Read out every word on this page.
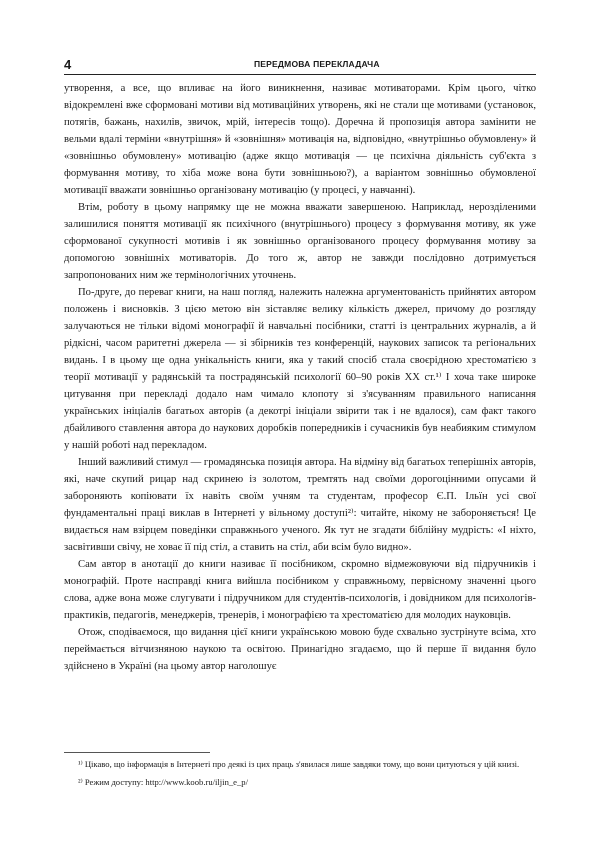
4	ПЕРЕДМОВА ПЕРЕКЛАДАЧА

утворення, а все, що впливає на його виникнення, називає мотиваторами. Крім цього, чітко відокремлені вже сформовані мотиви від мотиваційних утворень, які не стали ще мотивами (установок, потягів, бажань, нахилів, звичок, мрій, інтересів тощо). Доречна й пропозиція автора замінити не вельми вдалі терміни «внутрішня» й «зовнішня» мотивація на, відповідно, «внутрішньо обумовлену» й «зовнішньо обумовлену» мотивацію (адже якщо мотивація — це психічна діяльність суб'єкта з формування мотиву, то хіба може вона бути зовнішньою?), а варіантом зовнішньо обумовленої мотивації вважати зовнішньо організовану мотивацію (у процесі, у навчанні).

Втім, роботу в цьому напрямку ще не можна вважати завершеною. Наприклад, нерозділеними залишилися поняття мотивації як психічного (внутрішнього) процесу з формування мотиву, як уже сформованої сукупності мотивів і як зовнішньо організованого процесу формування мотиву за допомогою зовнішніх мотиваторів. До того ж, автор не завжди послідовно дотримується запропонованих ним же термінологічних уточнень.

По-друге, до переваг книги, на наш погляд, належить належна аргументованість прийнятих автором положень і висновків. З цією метою він зіставляє велику кількість джерел, причому до розгляду залучаються не тільки відомі монографії й навчальні посібники, статті із центральних журналів, а й рідкісні, часом раритетні джерела — зі збірників тез конференцій, наукових записок та регіональних видань. І в цьому ще одна унікальність книги, яка у такий спосіб стала своєрідною хрестоматією з теорії мотивації у радянській та пострадянській психології 60–90 років XX ст.¹⁾ І хоча таке широке цитування при перекладі додало нам чимало клопоту зі з'ясуванням правильного написання українських ініціалів багатьох авторів (а декотрі ініціали звірити так і не вдалося), сам факт такого дбайливого ставлення автора до наукових доробків попередників і сучасників був неабияким стимулом у нашій роботі над перекладом.

Інший важливий стимул — громадянська позиція автора. На відміну від багатьох теперішніх авторів, які, наче скупий рицар над скринею із золотом, тремтять над своїми дорогоцінними опусами й забороняють копіювати їх навіть своїм учням та студентам, професор Є.П. Ільїн усі свої фундаментальні праці виклав в Інтернеті у вільному доступі²⁾: читайте, нікому не забороняється! Це видається нам взірцем поведінки справжнього ученого. Як тут не згадати біблійну мудрість: «І ніхто, засвітивши свічу, не ховає її під стіл, а ставить на стіл, аби всім було видно».

Сам автор в анотації до книги називає її посібником, скромно відмежовуючи від підручників і монографій. Проте насправді книга вийшла посібником у справжньому, первісному значенні цього слова, адже вона може слугувати і підручником для студентів-психологів, і довідником для психологів-практиків, педагогів, менеджерів, тренерів, і монографією та хрестоматією для молодих науковців.

Отож, сподіваємося, що видання цієї книги українською мовою буде схвально зустрінуте всіма, хто переймається вітчизняною наукою та освітою. Принагідно згадаємо, що й перше її видання було здійснено в Україні (на цьому автор наголошує

¹⁾ Цікаво, що інформація в Інтернеті про деякі із цих праць з'явилася лише завдяки тому, що вони цитуються у цій книзі.

²⁾ Режим доступу: http://www.koob.ru/iljin_e_p/
